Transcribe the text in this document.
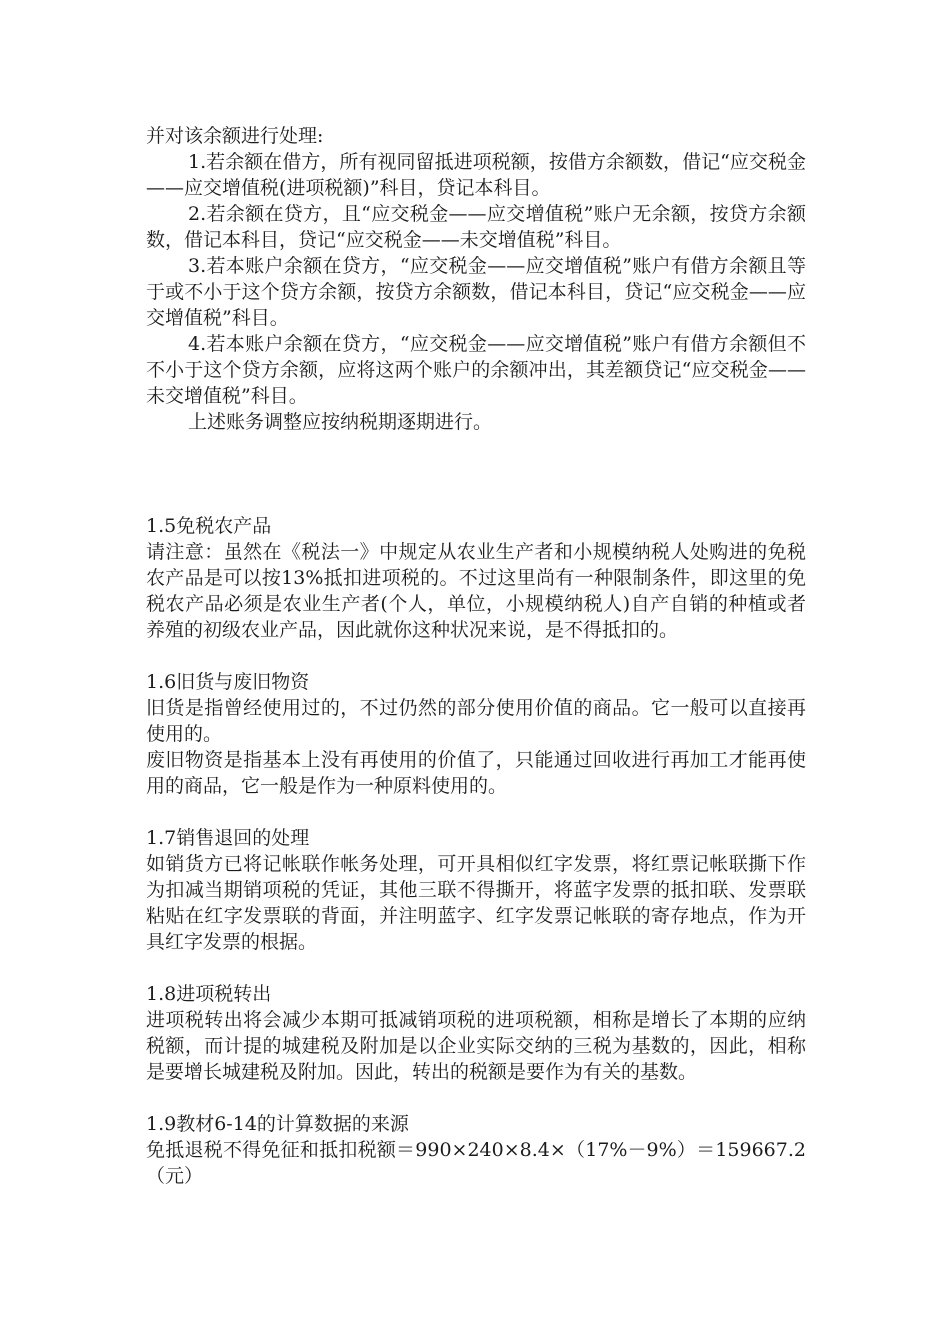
并对该余额进行处理:

1.若余额在借方，所有视同留抵进项税额，按借方余额数，借记“应交税金——应交增值税(进项税额)”科目，贷记本科目。

2.若余额在贷方，且“应交税金——应交增值税”账户无余额，按贷方余额数，借记本科目，贷记“应交税金——未交增值税”科目。

3.若本账户余额在贷方，“应交税金——应交增值税”账户有借方余额且等于或不小于这个贷方余额，按贷方余额数，借记本科目，贷记“应交税金——应交增值税”科目。

4.若本账户余额在贷方，“应交税金——应交增值税”账户有借方余额但不不小于这个贷方余额，应将这两个账户的余额冲出，其差额贷记“应交税金——未交增值税”科目。

上述账务调整应按纳税期逐期进行。

1.5免税农产品

请注意：虽然在《税法一》中规定从农业生产者和小规模纳税人处购进的免税农产品是可以按13%抵扣进项税的。不过这里尚有一种限制条件，即这里的免税农产品必须是农业生产者(个人，单位，小规模纳税人)自产自销的种植或者养殖的初级农业产品，因此就你这种状况来说，是不得抵扣的。

1.6旧货与废旧物资

旧货是指曾经使用过的，不过仍然的部分使用价值的商品。它一般可以直接再使用的。

废旧物资是指基本上没有再使用的价值了，只能通过回收进行再加工才能再使用的商品，它一般是作为一种原料使用的。

1.7销售退回的处理

如销货方已将记帐联作帐务处理，可开具相似红字发票，将红票记帐联撕下作为扣减当期销项税的凭证，其他三联不得撕开，将蓝字发票的抵扣联、发票联粘贴在红字发票联的背面，并注明蓝字、红字发票记帐联的寄存地点，作为开具红字发票的根据。

1.8进项税转出

进项税转出将会减少本期可抵减销项税的进项税额，相称是增长了本期的应纳税额，而计提的城建税及附加是以企业实际交纳的三税为基数的，因此，相称是要增长城建税及附加。因此，转出的税额是要作为有关的基数。

1.9教材6-14的计算数据的来源

免抵退税不得免征和抵扣税额＝990×240×8.4×（17%－9%）＝159667.2（元）
